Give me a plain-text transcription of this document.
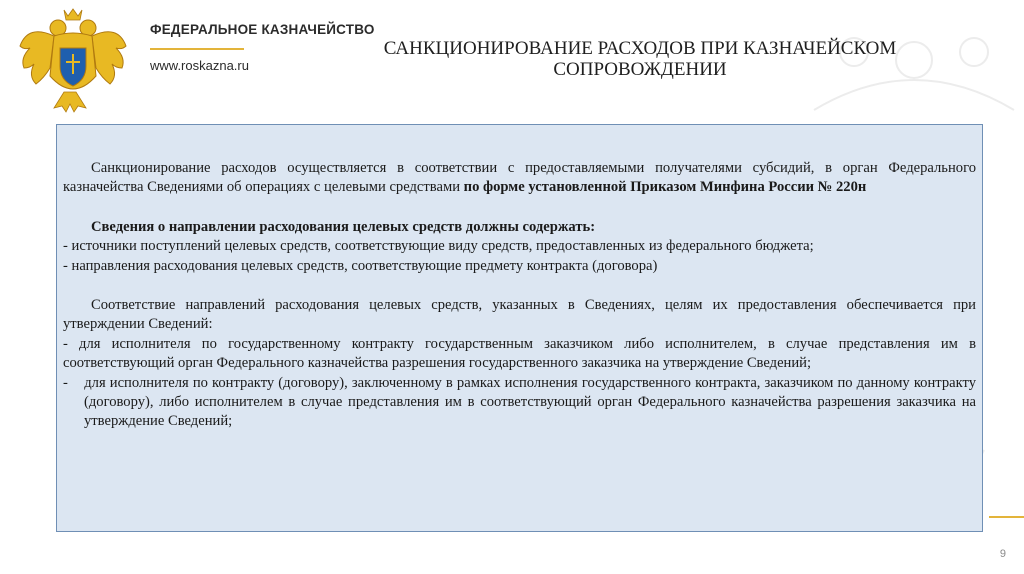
ФЕДЕРАЛЬНОЕ КАЗНАЧЕЙСТВО
www.roskazna.ru
САНКЦИОНИРОВАНИЕ РАСХОДОВ ПРИ КАЗНАЧЕЙСКОМ СОПРОВОЖДЕНИИ

Санкционирование расходов осуществляется в соответствии с предоставляемыми получателями субсидий, в орган Федерального казначейства Сведениями об операциях с целевыми средствами по форме установленной Приказом Минфина России № 220н

Сведения о направлении расходования целевых средств должны содержать:

- источники поступлений целевых средств, соответствующие виду средств, предоставленных из федерального бюджета;

- направления расходования целевых средств, соответствующие предмету контракта (договора)

Соответствие направлений расходования целевых средств, указанных в Сведениях, целям их предоставления обеспечивается при утверждении Сведений:

- для исполнителя по государственному контракту государственным заказчиком либо исполнителем, в случае представления им в соответствующий орган Федерального казначейства разрешения государственного заказчика на утверждение Сведений;

-    для исполнителя по контракту (договору), заключенному в рамках исполнения государственного контракта, заказчиком по данному контракту (договору), либо исполнителем в случае представления им в соответствующий орган Федерального казначейства разрешения заказчика на утверждение Сведений;

9
